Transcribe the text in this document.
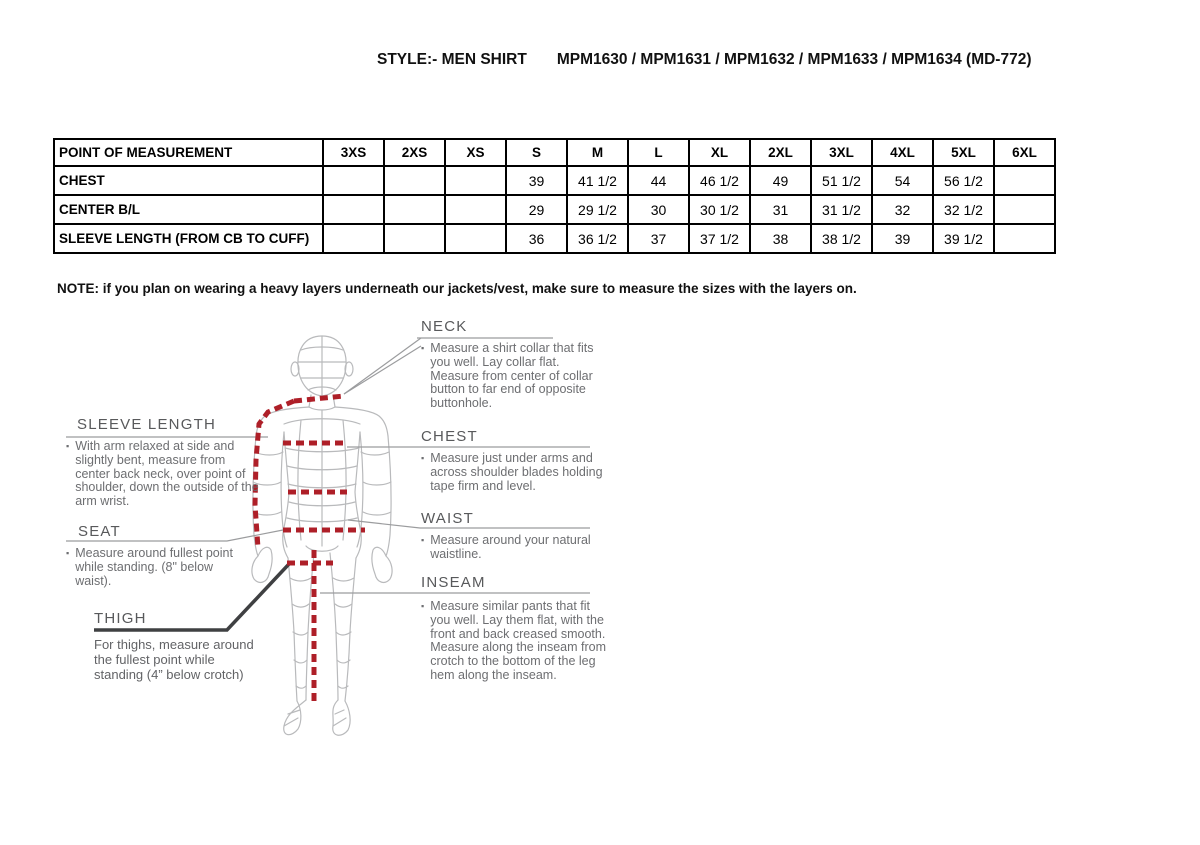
STYLE:- MEN SHIRT MPM1630 / MPM1631 / MPM1632 / MPM1633 / MPM1634 (MD-772)
POINT OF MEASUREMENT	3XS	2XS	XS	S	M	L	XL	2XL	3XL	4XL	5XL	6XL
CHEST				39	41 1/2	44	46 1/2	49	51 1/2	54	56 1/2	
CENTER B/L				29	29 1/2	30	30 1/2	31	31 1/2	32	32 1/2	
SLEEVE LENGTH (FROM CB TO CUFF)				36	36 1/2	37	37 1/2	38	38 1/2	39	39 1/2	
NOTE: if you plan on wearing a heavy layers underneath our jackets/vest, make sure to measure the sizes with the layers on.
NECK
▪ Measure a shirt collar that fits you well. Lay collar flat. Measure from center of collar button to far end of opposite buttonhole.
CHEST
▪ Measure just under arms and across shoulder blades holding tape firm and level.
WAIST
▪ Measure around your natural waistline.
INSEAM
▪ Measure similar pants that fit you well. Lay them flat, with the front and back creased smooth. Measure along the inseam from crotch to the bottom of the leg hem along the inseam.
SLEEVE LENGTH
▪ With arm relaxed at side and slightly bent, measure from center back neck, over point of shoulder, down the outside of the arm wrist.
SEAT
▪ Measure around fullest point while standing. (8" below waist).
THIGH
For thighs, measure around the fullest point while standing (4” below crotch)
